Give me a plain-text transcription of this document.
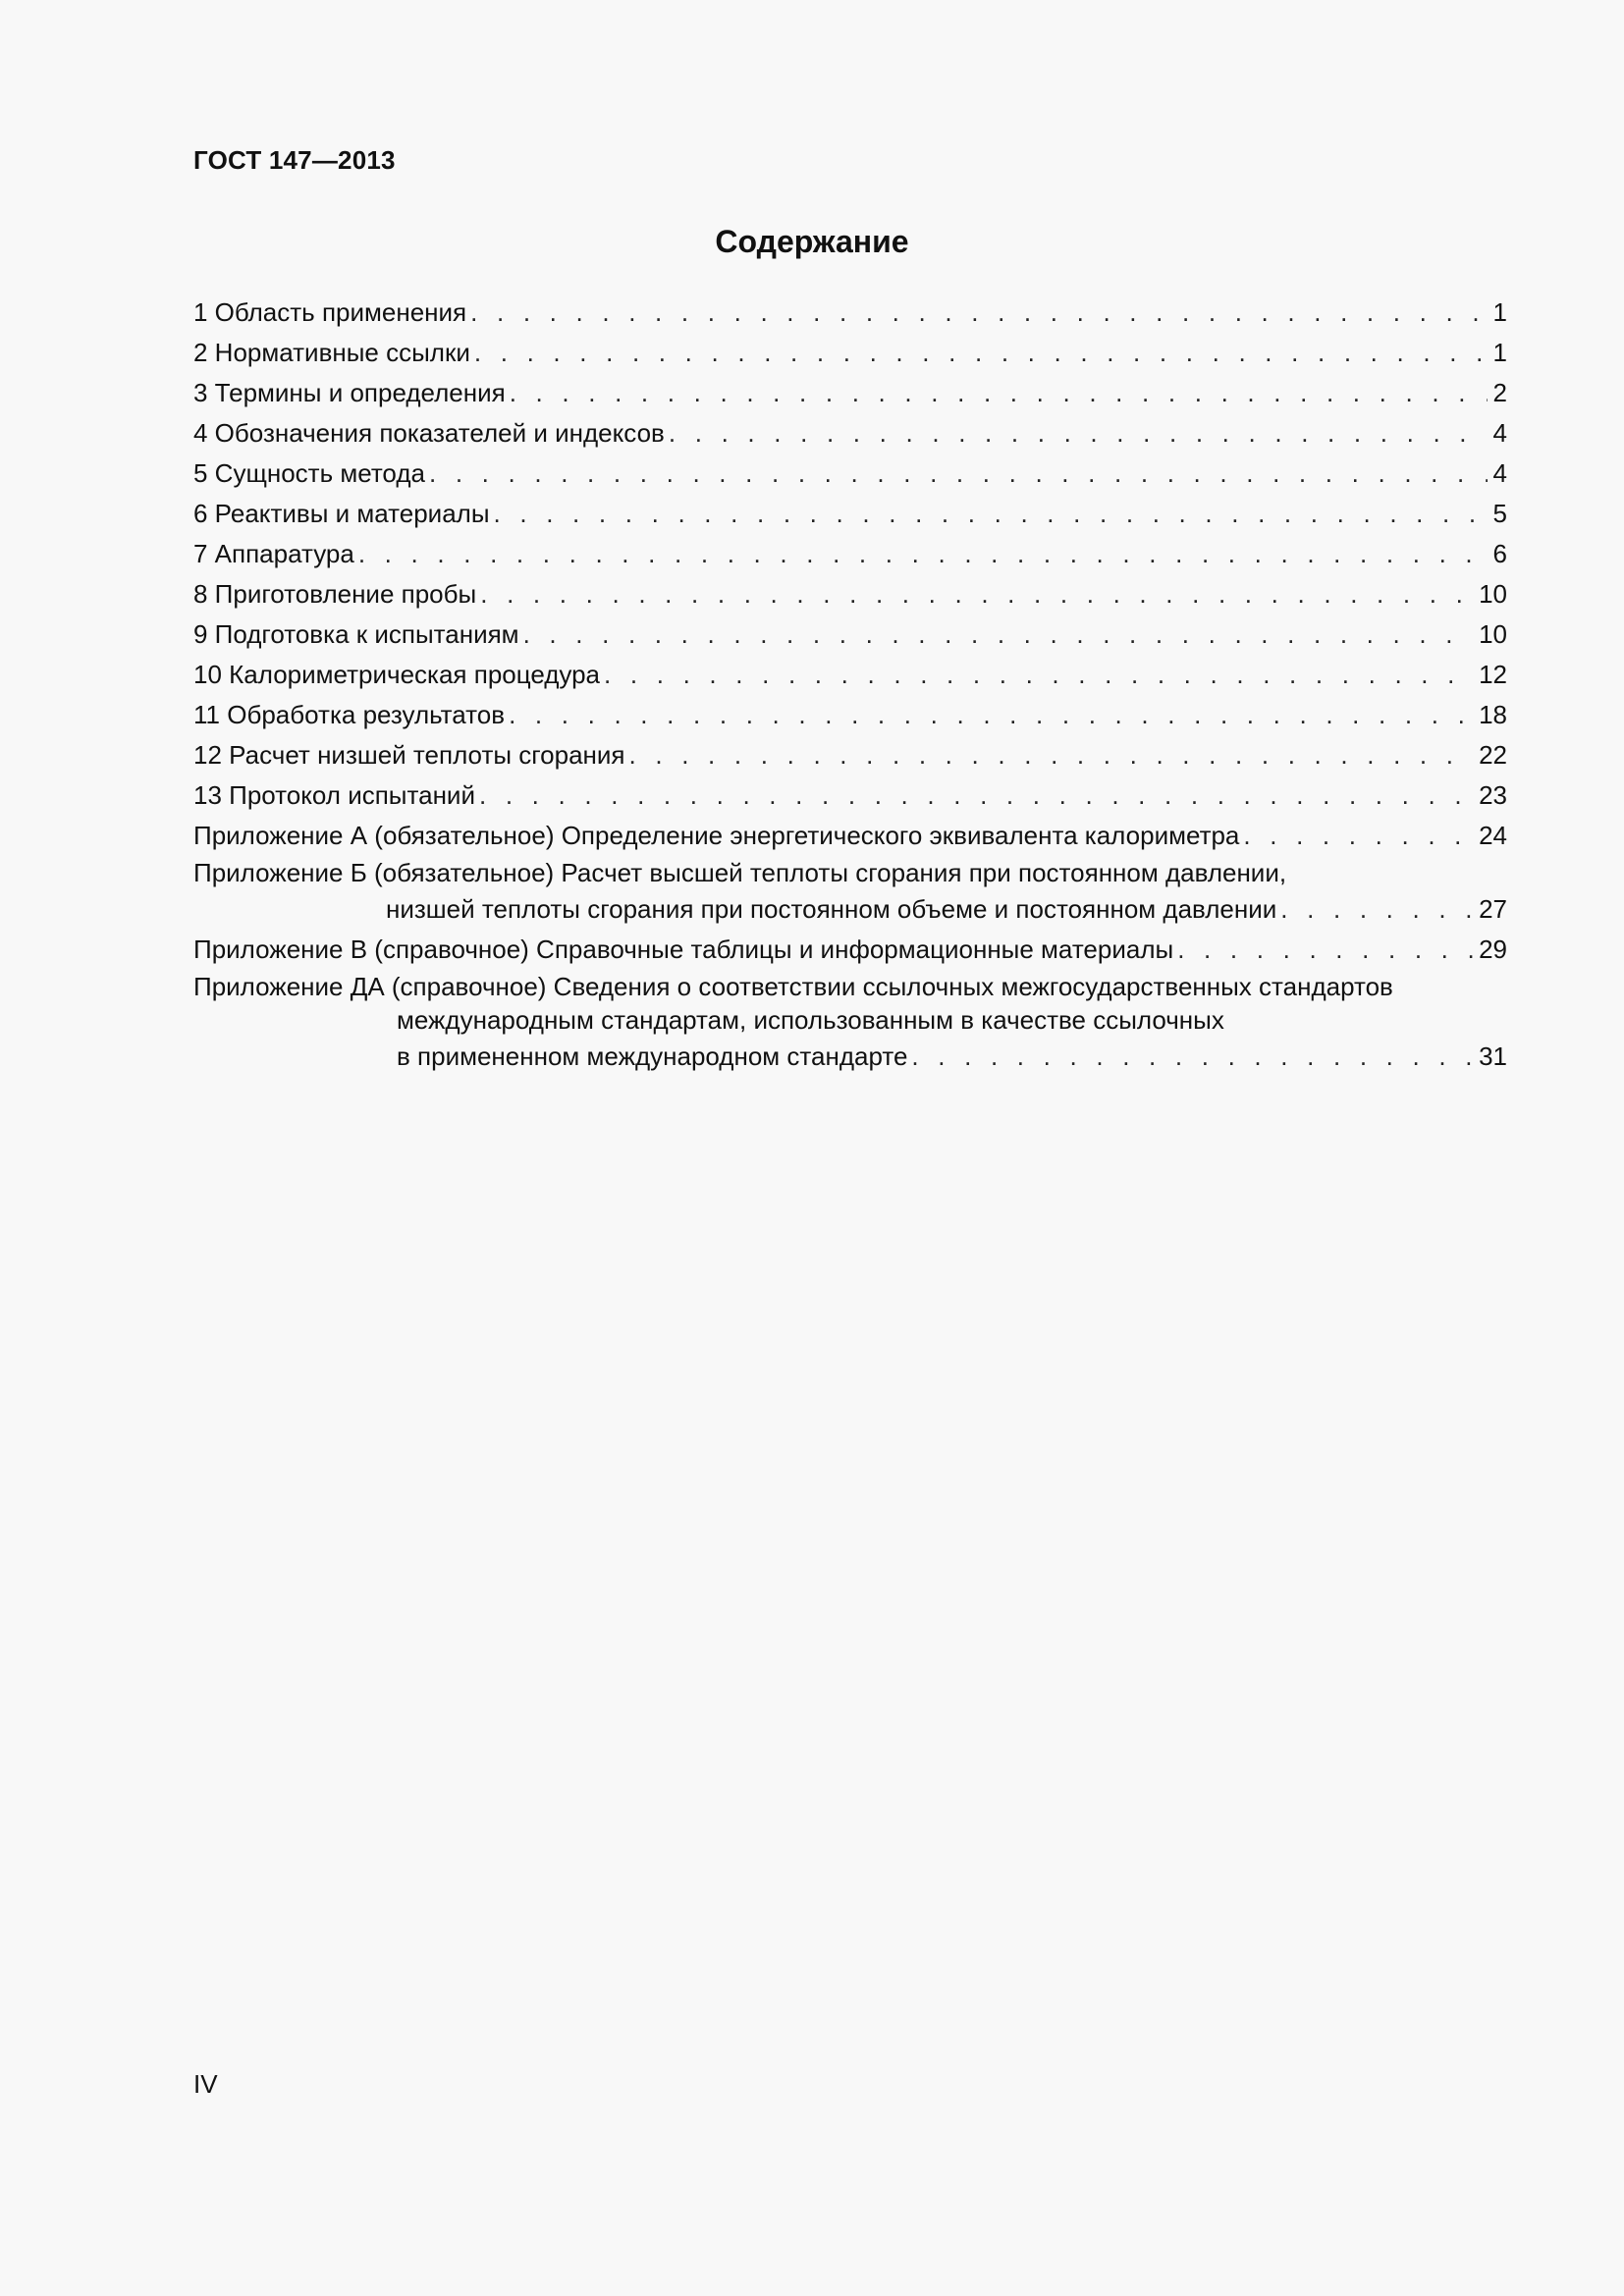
ГОСТ 147—2013
Содержание
1 Область применения . . .	1
2 Нормативные ссылки . . .	1
3 Термины и определения . . .	2
4 Обозначения показателей и индексов . . .	4
5 Сущность метода . . .	4
6 Реактивы и материалы . . .	5
7 Аппаратура . . .	6
8 Приготовление пробы . . .	10
9 Подготовка к испытаниям . . .	10
10 Калориметрическая процедура . . .	12
11 Обработка результатов . . .	18
12 Расчет низшей теплоты сгорания . . .	22
13 Протокол испытаний . . .	23
Приложение А (обязательное) Определение энергетического эквивалента калориметра . . .	24
Приложение Б (обязательное) Расчет высшей теплоты сгорания при постоянном давлении,
низшей теплоты сгорания при постоянном объеме и постоянном давлении . . .	27
Приложение В (справочное) Справочные таблицы и информационные материалы . . .	29
Приложение ДА (справочное) Сведения о соответствии ссылочных межгосударственных стандартов
международным стандартам, использованным в качестве ссылочных
в примененном международном стандарте . . .	31
IV
